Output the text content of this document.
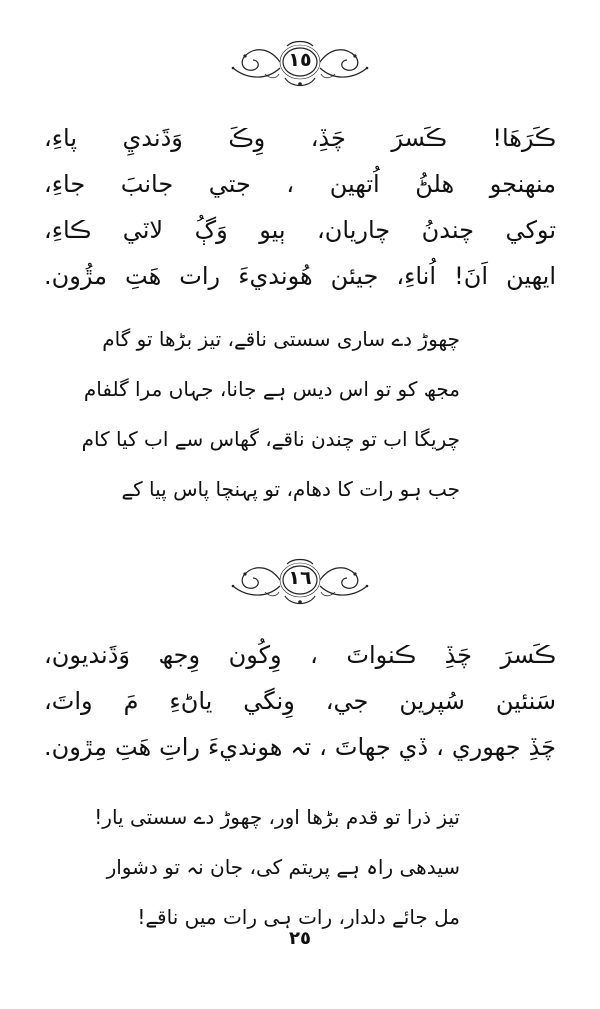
١٥
ڪَرَهَا! ڪَسرَ چَڏِ، وِڪَ وَڌَنديِ پاءِ،
منهنجو هلڻُ اُتهين ، جتي جانبَ جاءِ،
توکي چندنُ چاريان، ٻيو وَڳُ لاٽي ڪاءِ،
ايهين اَنَ! اُناءِ، جيئن هُونديءَ رات هَتِ مڙُون.
چھوڑ دے ساری سستی ناقے، تیز بڑھا تو گام
مجھ کو تو اس دیس ہے جانا، جہاں مرا گلفام
چریگا اب تو چندن ناقے، گھاس سے اب کیا کام
جب ہو رات کا دھام، تو پہنچا پاس پیا کے
١٦
ڪَسرَ چَڏِ ڪنواتَ ، وِکُون وِجھ وَڌَنديون،
سَنئين سُپرين جي، وِنگي ياڻءِ مَ واتَ،
چَڏِ جهوري ، ڏي جهاتَ ، تہ هونديءَ راتِ هَتِ مِڙون.
تیز ذرا تو قدم بڑھا اور، چھوڑ دے سستی یار!
سیدھی راہ ہے پریتم کی، جان نہ تو دشوار
مل جائے دلدار، رات ہی رات میں ناقے!
٢٥
